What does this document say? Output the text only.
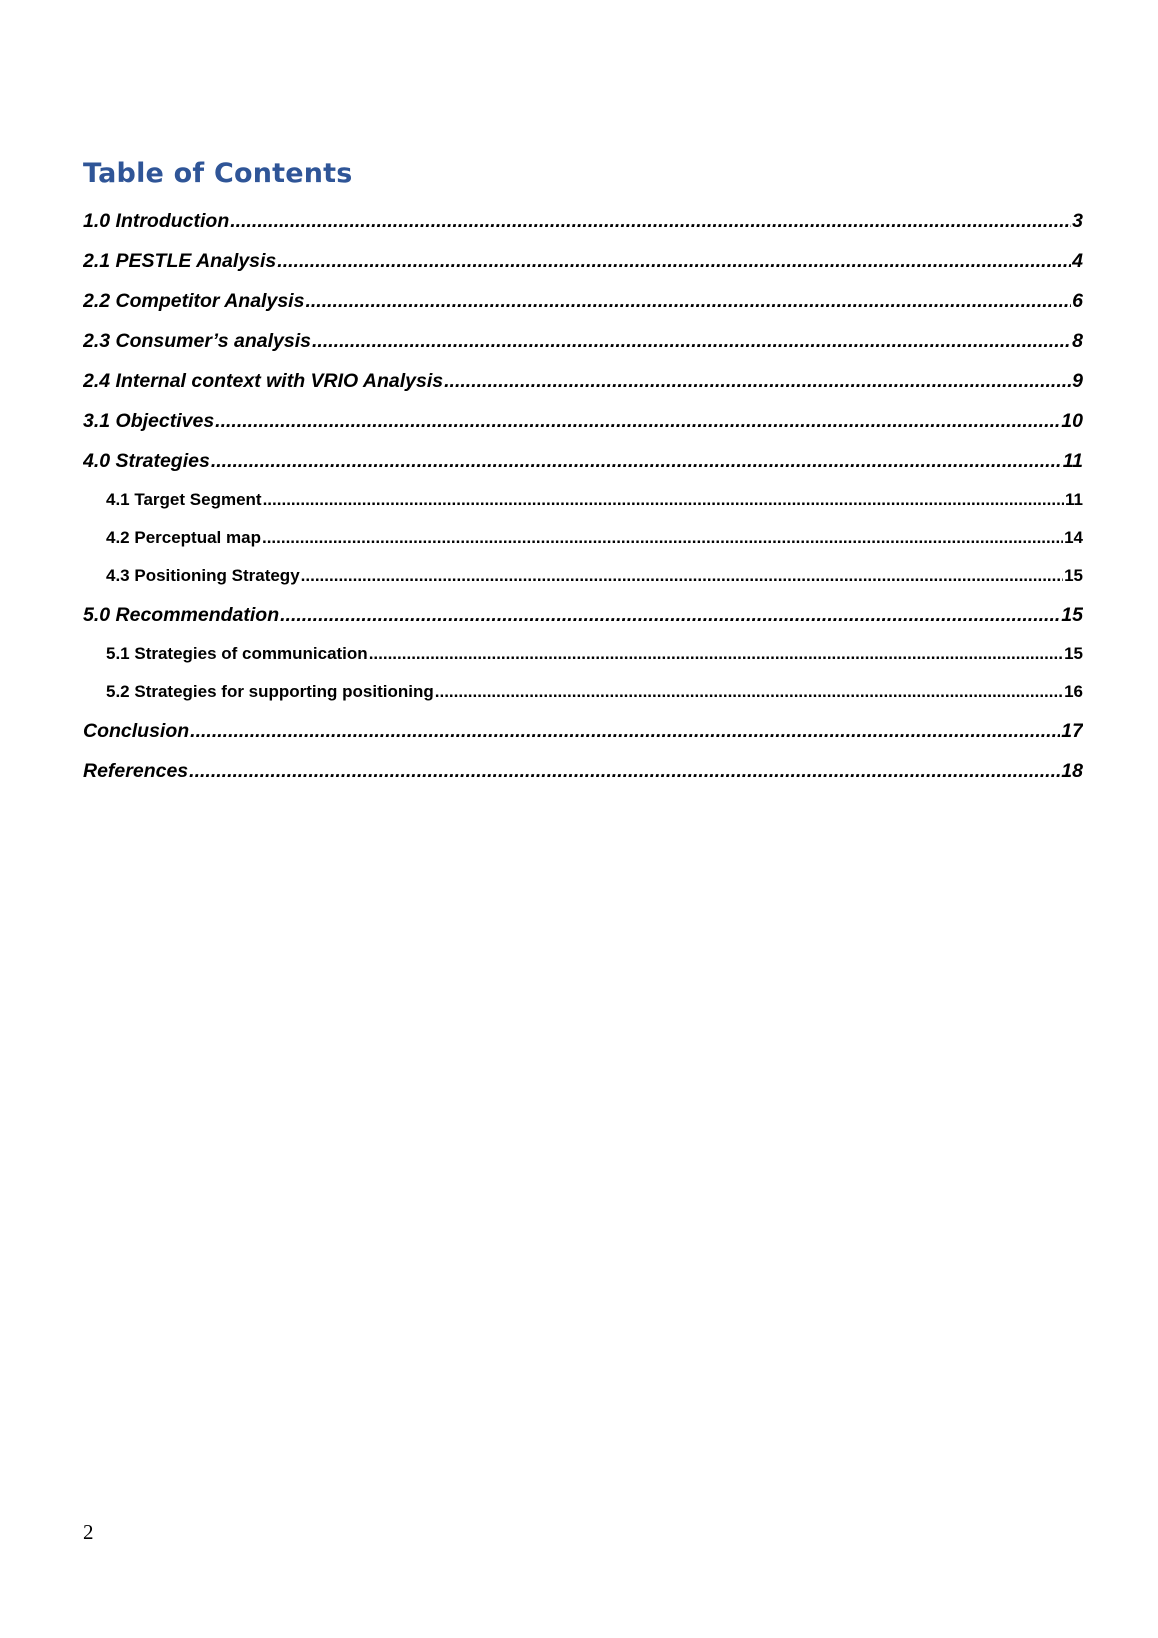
Table of Contents
1.0 Introduction .....	3
2.1 PESTLE Analysis .....	4
2.2 Competitor Analysis .....	6
2.3 Consumer’s analysis .....	8
2.4 Internal context with VRIO Analysis .....	9
3.1 Objectives .....	10
4.0 Strategies .....	11
4.1 Target Segment .....	11
4.2 Perceptual map .....	14
4.3 Positioning Strategy .....	15
5.0 Recommendation .....	15
5.1 Strategies of communication .....	15
5.2 Strategies for supporting positioning .....	16
Conclusion .....	17
References .....	18
2
